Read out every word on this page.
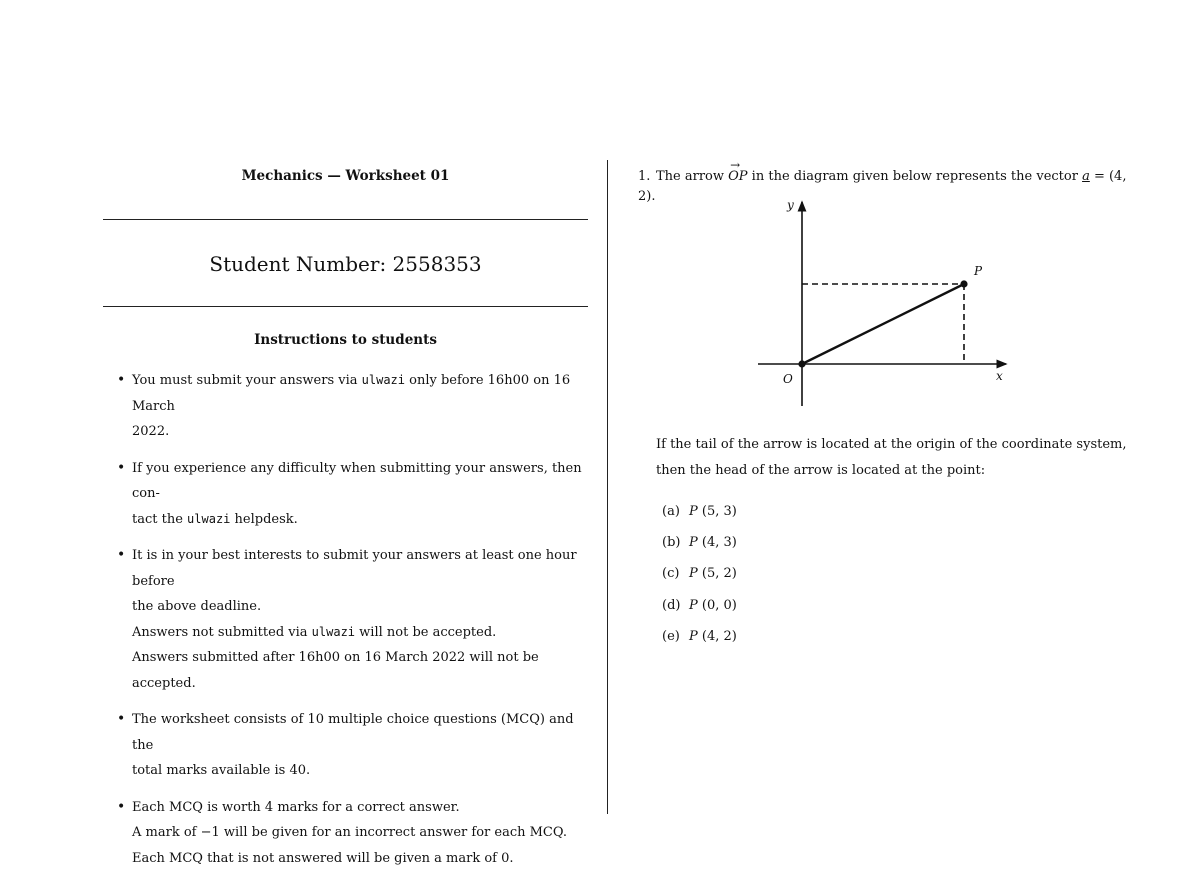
Mechanics — Worksheet 01
Student Number: 2558353
Instructions to students
• You must submit your answers via ulwazi only before 16h00 on 16 March
2022.
• If you experience any difficulty when submitting your answers, then con-
tact the ulwazi helpdesk.
• It is in your best interests to submit your answers at least one hour before
the above deadline.
Answers not submitted via ulwazi will not be accepted.
Answers submitted after 16h00 on 16 March 2022 will not be accepted.
• The worksheet consists of 10 multiple choice questions (MCQ) and the
total marks available is 40.
• Each MCQ is worth 4 marks for a correct answer.
A mark of −1 will be given for an incorrect answer for each MCQ.
Each MCQ that is not answered will be given a mark of 0.
1. The arrow → OP in the diagram given below represents the vector a = (4, 2).
y
x
O
P
If the tail of the arrow is located at the origin of the coordinate system,
then the head of the arrow is located at the point:
(a) P (5, 3)
(b) P (4, 3)
(c) P (5, 2)
(d) P (0, 0)
(e) P (4, 2)
